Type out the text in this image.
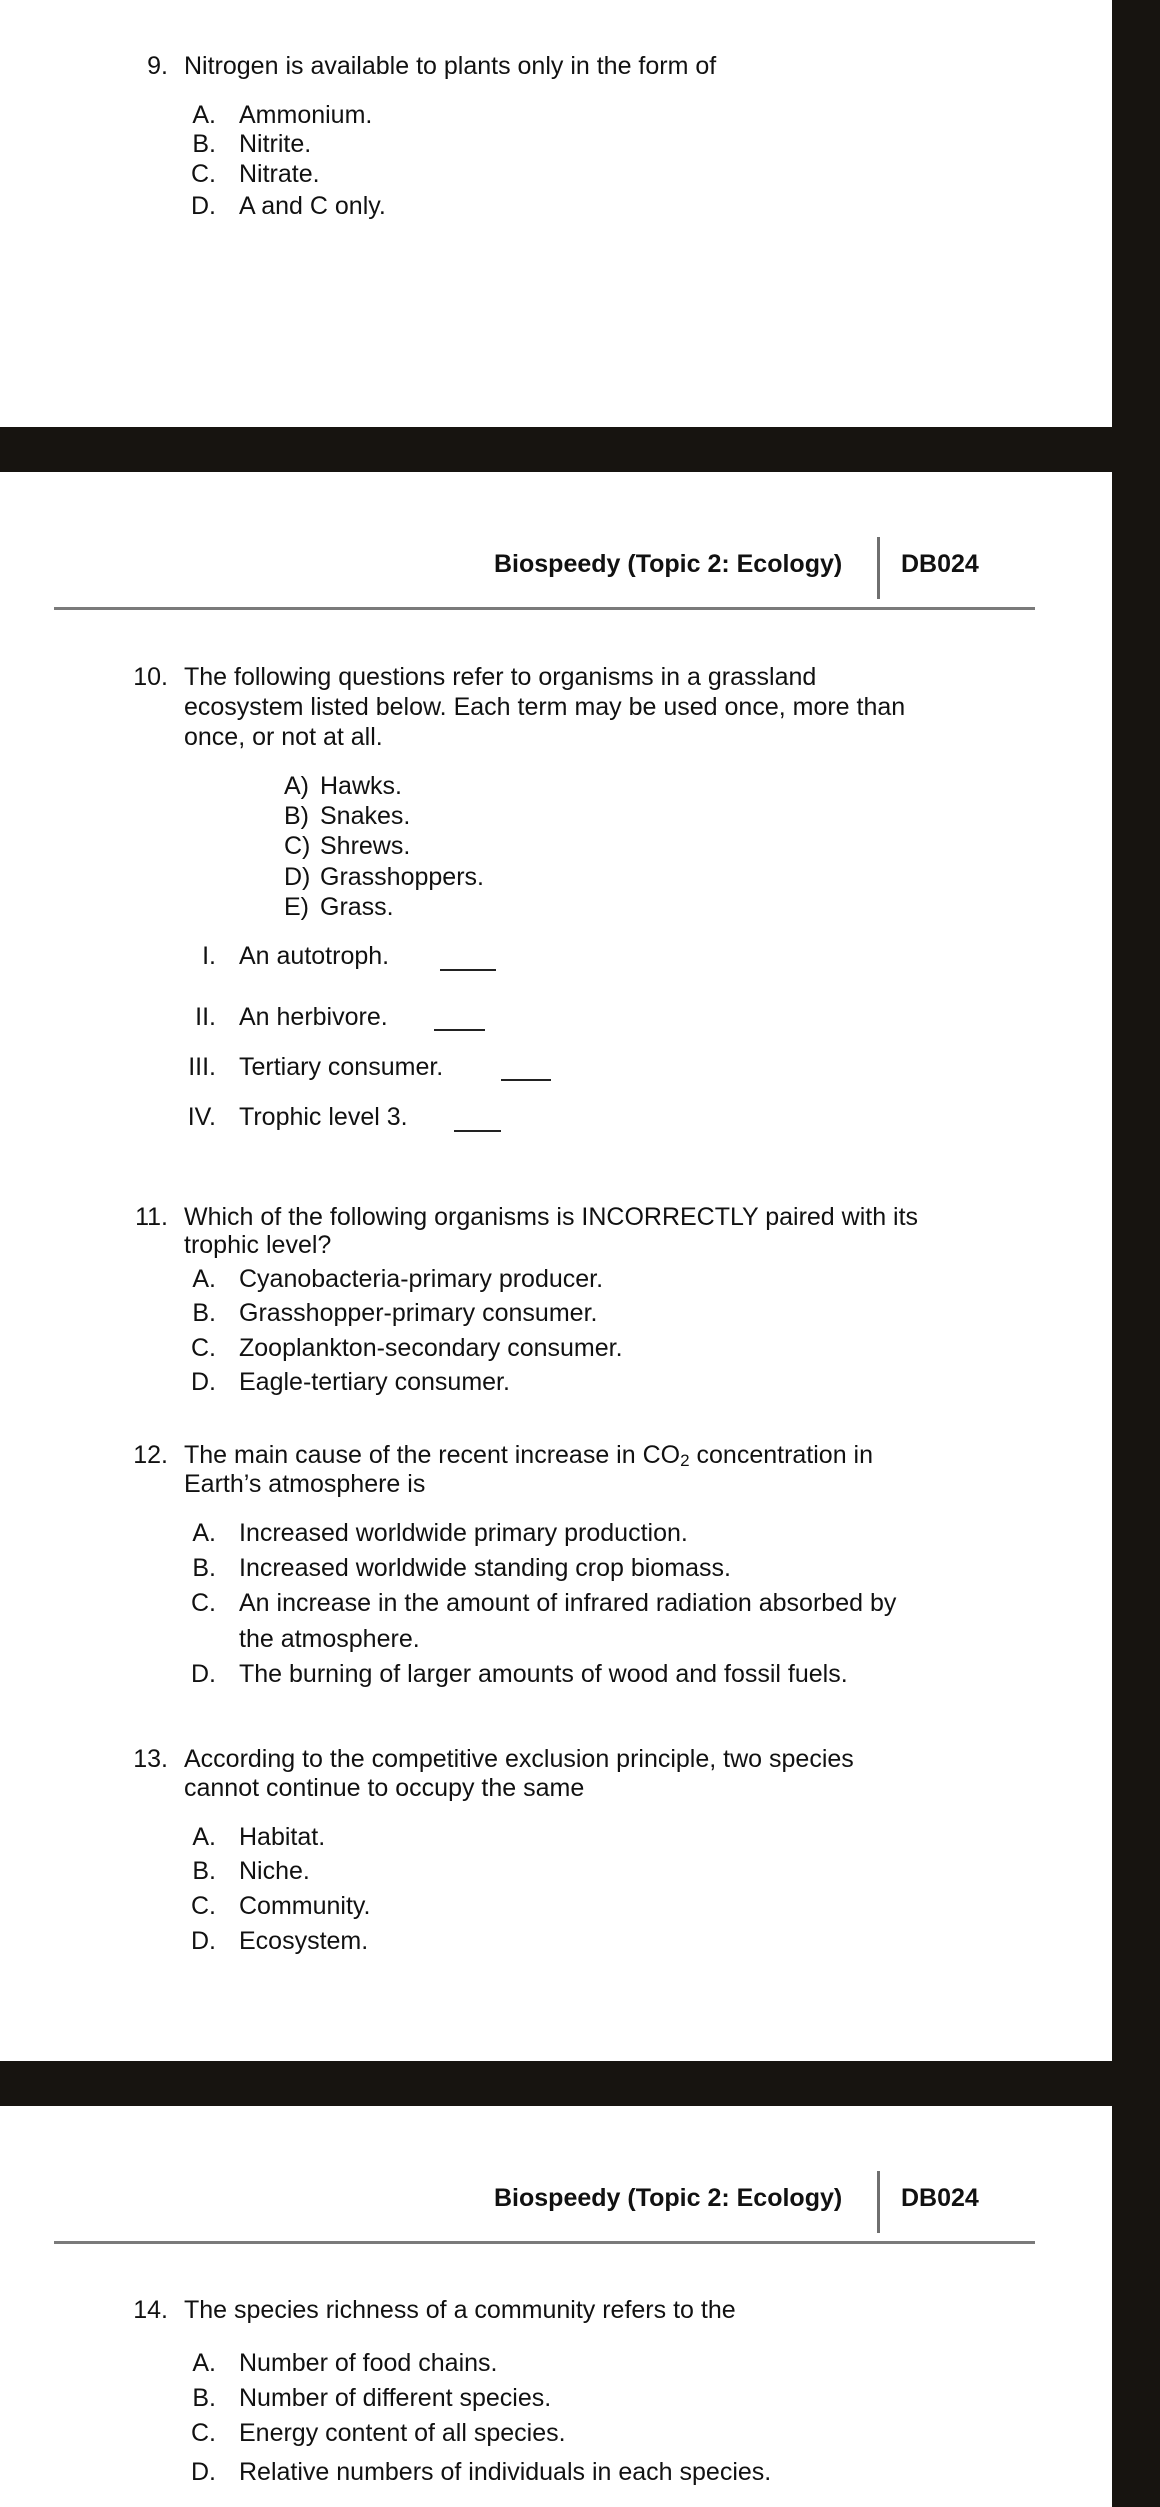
9. Nitrogen is available to plants only in the form of
A. Ammonium.
B. Nitrite.
C. Nitrate.
D. A and C only.
Biospeedy (Topic 2: Ecology) DB024
10. The following questions refer to organisms in a grassland
ecosystem listed below. Each term may be used once, more than
once, or not at all.
A) Hawks.
B) Snakes.
C) Shrews.
D) Grasshoppers.
E) Grass.
I. An autotroph.
II. An herbivore.
III. Tertiary consumer.
IV. Trophic level 3.
11. Which of the following organisms is INCORRECTLY paired with its
trophic level?
A. Cyanobacteria-primary producer.
B. Grasshopper-primary consumer.
C. Zooplankton-secondary consumer.
D. Eagle-tertiary consumer.
12. The main cause of the recent increase in CO2 concentration in
Earth’s atmosphere is
A. Increased worldwide primary production.
B. Increased worldwide standing crop biomass.
C. An increase in the amount of infrared radiation absorbed by
the atmosphere.
D. The burning of larger amounts of wood and fossil fuels.
13. According to the competitive exclusion principle, two species
cannot continue to occupy the same
A. Habitat.
B. Niche.
C. Community.
D. Ecosystem.
Biospeedy (Topic 2: Ecology) DB024
14. The species richness of a community refers to the
A. Number of food chains.
B. Number of different species.
C. Energy content of all species.
D. Relative numbers of individuals in each species.
